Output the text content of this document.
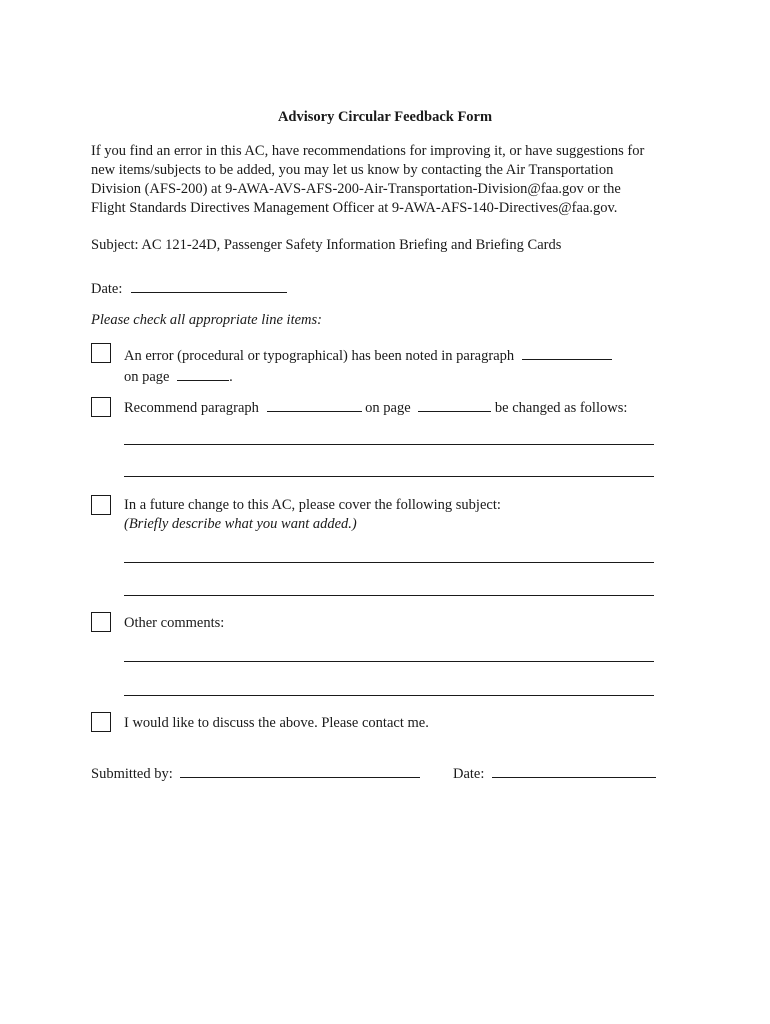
Advisory Circular Feedback Form
If you find an error in this AC, have recommendations for improving it, or have suggestions for
new items/subjects to be added, you may let us know by contacting the Air Transportation
Division (AFS-200) at 9-AWA-AVS-AFS-200-Air-Transportation-Division@faa.gov or the
Flight Standards Directives Management Officer at 9-AWA-AFS-140-Directives@faa.gov.
Subject: AC 121-24D, Passenger Safety Information Briefing and Briefing Cards
Date:
Please check all appropriate line items:
An error (procedural or typographical) has been noted in paragraph
on page	.
Recommend paragraph	on page	be changed as follows:
In a future change to this AC, please cover the following subject:
(Briefly describe what you want added.)
Other comments:
I would like to discuss the above. Please contact me.
Submitted by:	Date:
